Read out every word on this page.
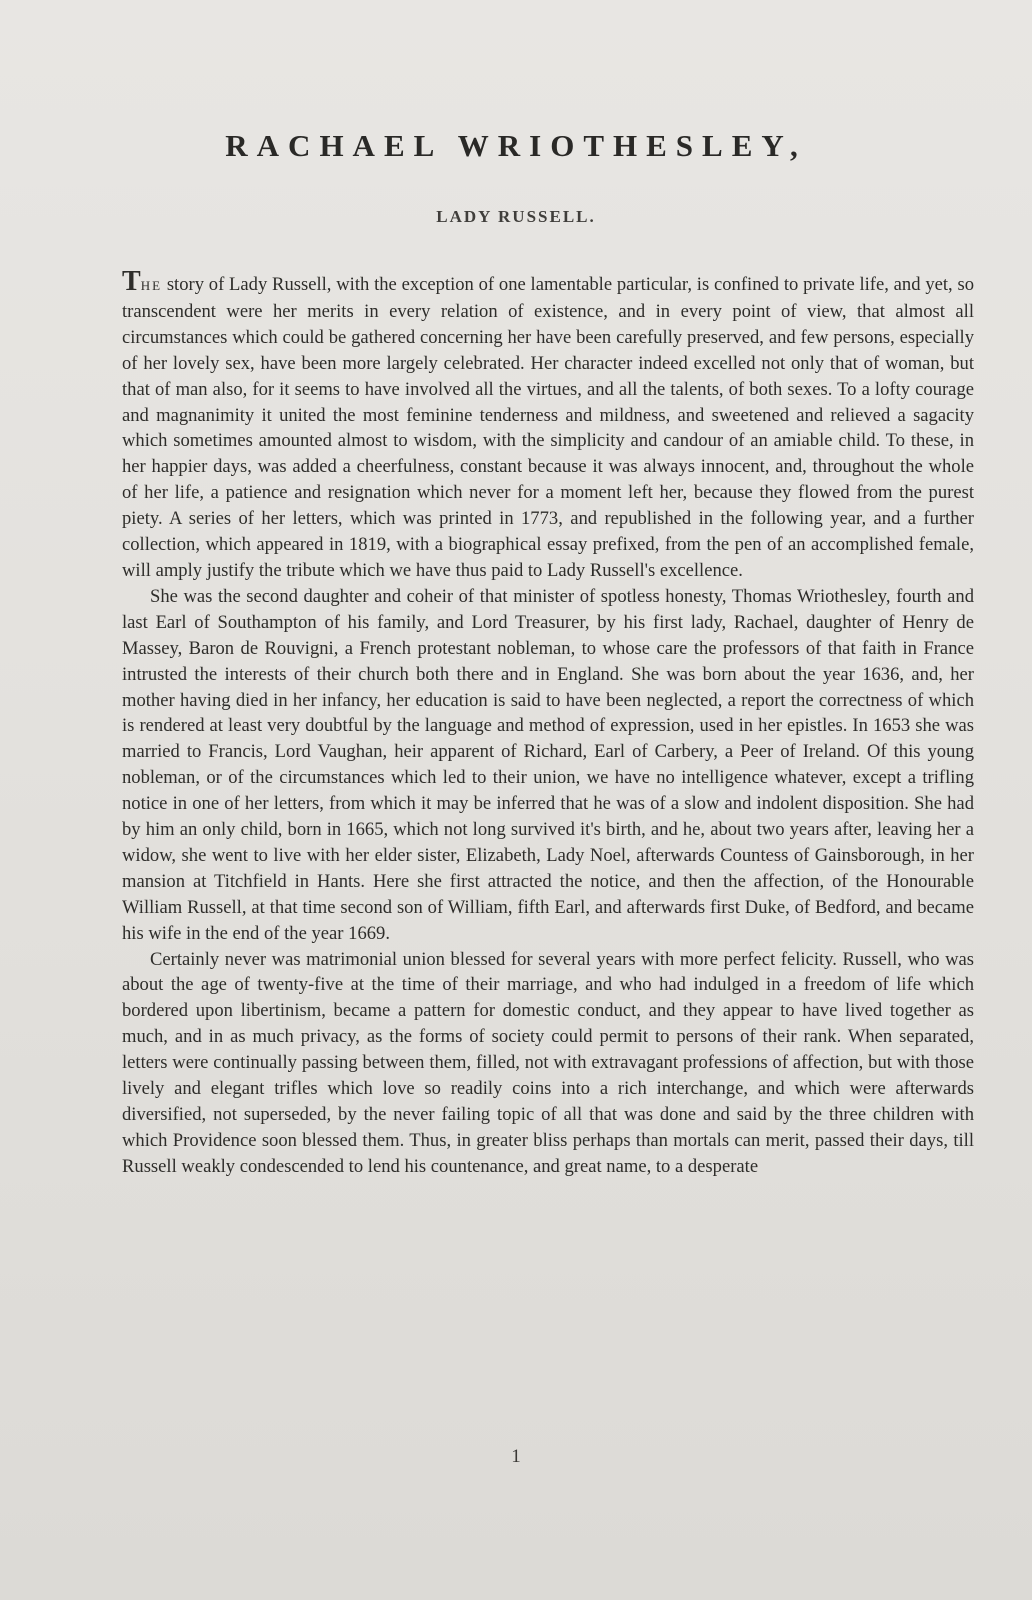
RACHAEL WRIOTHESLEY,
LADY RUSSELL.

THE story of Lady Russell, with the exception of one lamentable particular, is confined to private life, and yet, so transcendent were her merits in every relation of existence, and in every point of view, that almost all circumstances which could be gathered concerning her have been carefully preserved, and few persons, especially of her lovely sex, have been more largely celebrated. Her character indeed excelled not only that of woman, but that of man also, for it seems to have involved all the virtues, and all the talents, of both sexes. To a lofty courage and magnanimity it united the most feminine tenderness and mildness, and sweetened and relieved a sagacity which sometimes amounted almost to wisdom, with the simplicity and candour of an amiable child. To these, in her happier days, was added a cheerfulness, constant because it was always innocent, and, throughout the whole of her life, a patience and resignation which never for a moment left her, because they flowed from the purest piety. A series of her letters, which was printed in 1773, and republished in the following year, and a further collection, which appeared in 1819, with a biographical essay prefixed, from the pen of an accomplished female, will amply justify the tribute which we have thus paid to Lady Russell's excellence.

She was the second daughter and coheir of that minister of spotless honesty, Thomas Wriothesley, fourth and last Earl of Southampton of his family, and Lord Treasurer, by his first lady, Rachael, daughter of Henry de Massey, Baron de Rouvigni, a French protestant nobleman, to whose care the professors of that faith in France intrusted the interests of their church both there and in England. She was born about the year 1636, and, her mother having died in her infancy, her education is said to have been neglected, a report the correctness of which is rendered at least very doubtful by the language and method of expression, used in her epistles. In 1653 she was married to Francis, Lord Vaughan, heir apparent of Richard, Earl of Carbery, a Peer of Ireland. Of this young nobleman, or of the circumstances which led to their union, we have no intelligence whatever, except a trifling notice in one of her letters, from which it may be inferred that he was of a slow and indolent disposition. She had by him an only child, born in 1665, which not long survived it's birth, and he, about two years after, leaving her a widow, she went to live with her elder sister, Elizabeth, Lady Noel, afterwards Countess of Gainsborough, in her mansion at Titchfield in Hants. Here she first attracted the notice, and then the affection, of the Honourable William Russell, at that time second son of William, fifth Earl, and afterwards first Duke, of Bedford, and became his wife in the end of the year 1669.

Certainly never was matrimonial union blessed for several years with more perfect felicity. Russell, who was about the age of twenty-five at the time of their marriage, and who had indulged in a freedom of life which bordered upon libertinism, became a pattern for domestic conduct, and they appear to have lived together as much, and in as much privacy, as the forms of society could permit to persons of their rank. When separated, letters were continually passing between them, filled, not with extravagant professions of affection, but with those lively and elegant trifles which love so readily coins into a rich interchange, and which were afterwards diversified, not superseded, by the never failing topic of all that was done and said by the three children with which Providence soon blessed them. Thus, in greater bliss perhaps than mortals can merit, passed their days, till Russell weakly condescended to lend his countenance, and great name, to a desperate

1
